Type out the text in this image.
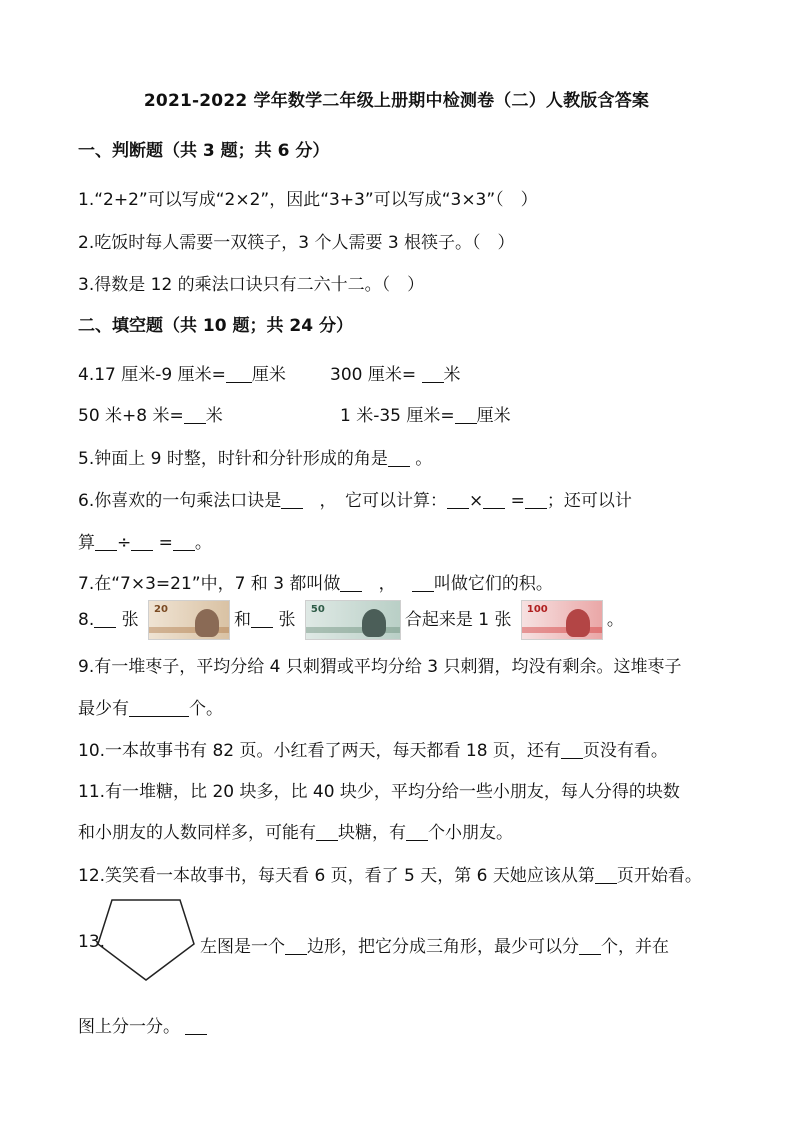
2021-2022 学年数学二年级上册期中检测卷（二）人教版含答案
一、判断题（共 3 题；共 6 分）
1.“2+2”可以写成“2×2”，因此“3+3”可以写成“3×3”（　）
2.吃饭时每人需要一双筷子，3 个人需要 3 根筷子。（　）
3.得数是 12 的乘法口诀只有二六十二。（　）
二、填空题（共 10 题；共 24 分）
4.17 厘米-9 厘米= 厘米	300 厘米= 米
50 米+8 米= 米	1 米-35 厘米= 厘米
5.钟面上 9 时整，时针和分针形成的角是 。
6.你喜欢的一句乘法口诀是 ，　它可以计算： × = ；还可以计
算 ÷ = 。
7.在“7×3=21”中，7 和 3 都叫做 ， 叫做它们的积。
8. 张
20
和 张
50
合起来是 1 张
100
。
9.有一堆枣子，平均分给 4 只刺猬或平均分给 3 只刺猬，均没有剩余。这堆枣子
最少有	个。
10.一本故事书有 82 页。小红看了两天，每天都看 18 页，还有 页没有看。
11.有一堆糖，比 20 块多，比 40 块少，平均分给一些小朋友，每人分得的块数
和小朋友的人数同样多，可能有 块糖，有 个小朋友。
12.笑笑看一本故事书，每天看 6 页，看了 5 天，第 6 天她应该从第 页开始看。
13.	左图是一个 边形，把它分成三角形，最少可以分 个，并在
图上分一分。
